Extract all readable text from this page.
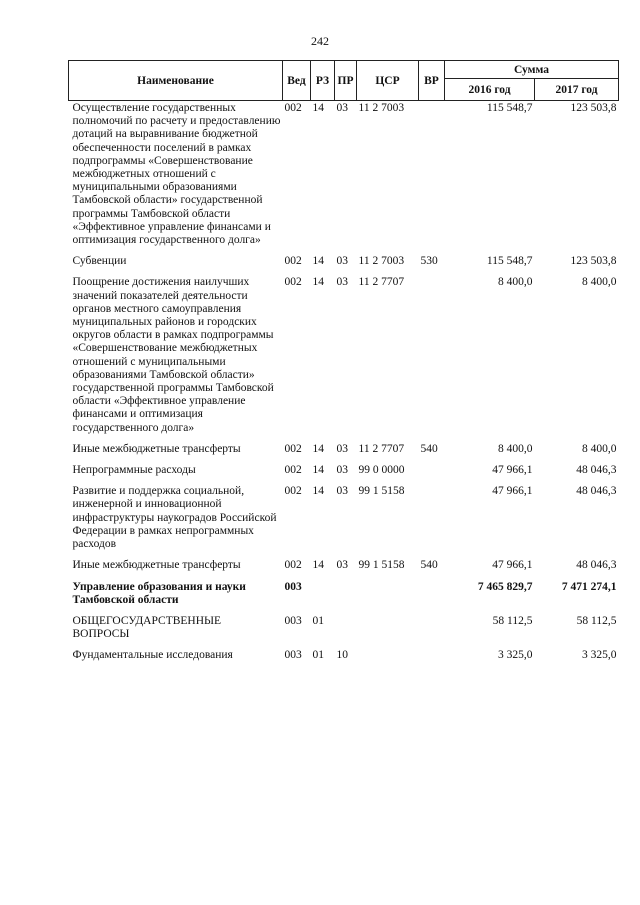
242
Наименование	Вед	РЗ	ПР	ЦСР	ВР	Сумма	
						2016 год	2017 год
Осуществление государственных полномочий по расчету и предоставлению дотаций на выравнивание бюджетной обеспеченности поселений в рамках подпрограммы «Совершенствование межбюджетных отношений с муниципальными образованиями Тамбовской области» государственной программы Тамбовской области «Эффективное управление финансами и оптимизация государственного долга»	002	14	03	11 2 7003		115 548,7	123 503,8
Субвенции	002	14	03	11 2 7003	530	115 548,7	123 503,8
Поощрение достижения наилучших значений показателей деятельности органов местного самоуправления муниципальных районов и городских округов области в рамках подпрограммы «Совершенствование межбюджетных отношений с муниципальными образованиями Тамбовской области» государственной программы Тамбовской области «Эффективное управление финансами и оптимизация государственного долга»	002	14	03	11 2 7707		8 400,0	8 400,0
Иные межбюджетные трансферты	002	14	03	11 2 7707	540	8 400,0	8 400,0
Непрограммные расходы	002	14	03	99 0 0000		47 966,1	48 046,3
Развитие и поддержка социальной, инженерной и инновационной инфраструктуры наукоградов Российской Федерации в рамках непрограммных расходов	002	14	03	99 1 5158		47 966,1	48 046,3
Иные межбюджетные трансферты	002	14	03	99 1 5158	540	47 966,1	48 046,3
Управление образования и науки Тамбовской области	003					7 465 829,7	7 471 274,1
ОБЩЕГОСУДАРСТВЕННЫЕ ВОПРОСЫ	003	01				58 112,5	58 112,5
Фундаментальные исследования	003	01	10			3 325,0	3 325,0
